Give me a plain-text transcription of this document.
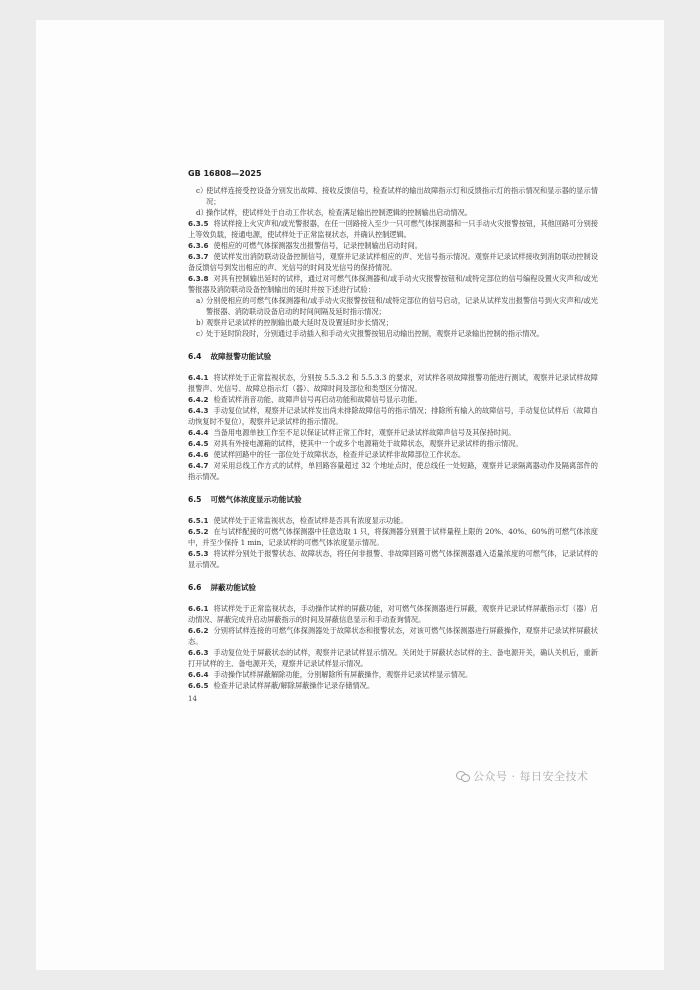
GB 16808—2025
c）
使试样连接受控设备分别发出故障、接收反馈信号，检查试样的输出故障指示灯和反馈指示灯的指示情况和显示器的显示情况；
d）
操作试样，使试样处于自动工作状态，检查满足输出控制逻辑的控制输出启动情况。
6.3.5 将试样接上火灾声和/或光警报器，在任一回路接入至少一只可燃气体探测器和一只手动火灾报警按钮，其他回路可分别接上等效负载，接通电源，使试样处于正常监视状态，并确认控制逻辑。
6.3.6 使相应的可燃气体探测器发出报警信号，记录控制输出启动时间。
6.3.7 使试样发出消防联动设备控制信号，观察并记录试样相应的声、光信号指示情况。观察并记录试样接收到消防联动控制设备反馈信号到发出相应的声、光信号的时间及光信号的保持情况。
6.3.8 对具有控制输出延时的试样，通过对可燃气体探测器和/或手动火灾报警按钮和/或特定部位的信号编程设置火灾声和/或光警报器及消防联动设备控制输出的延时并按下述进行试验：
a）
分别使相应的可燃气体探测器和/或手动火灾报警按钮和/或特定部位的信号启动，记录从试样发出报警信号到火灾声和/或光警报器、消防联动设备启动的时间间隔及延时指示情况；
b）
观察并记录试样的控制输出最大延时及设置延时步长情况；
c）
处于延时阶段时，分别通过手动插入和手动火灾报警按钮启动输出控制，观察并记录输出控制的指示情况。
6.4 故障报警功能试验
6.4.1 将试样处于正常监视状态，分别按 5.5.3.2 和 5.5.3.3 的要求，对试样各项故障报警功能进行测试，观察并记录试样故障报警声、光信号、故障总指示灯（器）、故障时间及部位和类型区分情况。
6.4.2 检查试样消音功能、故障声信号再启动功能和故障信号显示功能。
6.4.3 手动复位试样，观察并记录试样发出尚未排除故障信号的指示情况；排除所有输入的故障信号，手动复位试样后（故障自动恢复时不复位），观察并记录试样的指示情况。
6.4.4 当备用电源单独工作至不足以保证试样正常工作时，观察并记录试样故障声信号及其保持时间。
6.4.5 对具有外接电源箱的试样，使其中一个或多个电源箱处于故障状态，观察并记录试样的指示情况。
6.4.6 使试样回路中的任一部位处于故障状态，检查并记录试样非故障部位工作状态。
6.4.7 对采用总线工作方式的试样，单回路容量超过 32 个地址点时，使总线任一处短路，观察并记录隔离器动作及隔离部件的指示情况。
6.5 可燃气体浓度显示功能试验
6.5.1 使试样处于正常监视状态，检查试样是否具有浓度显示功能。
6.5.2 在与试样配接的可燃气体探测器中任意选取 1 只，将探测器分别置于试样量程上限的 20%、40%、60%的可燃气体浓度中，并至少保持 1 min，记录试样的可燃气体浓度显示情况。
6.5.3 将试样分别处于报警状态、故障状态，将任何非报警、非故障回路可燃气体探测器通入适量浓度的可燃气体，记录试样的显示情况。
6.6 屏蔽功能试验
6.6.1 将试样处于正常监视状态，手动操作试样的屏蔽功能，对可燃气体探测器进行屏蔽，观察并记录试样屏蔽指示灯（器）启动情况、屏蔽完成并启动屏蔽指示的时间及屏蔽信息显示和手动查询情况。
6.6.2 分别将试样连接的可燃气体探测器处于故障状态和报警状态，对该可燃气体探测器进行屏蔽操作，观察并记录试样屏蔽状态。
6.6.3 手动复位处于屏蔽状态的试样，观察并记录试样显示情况。关闭处于屏蔽状态试样的主、备电源开关，确认关机后，重新打开试样的主、备电源开关，观察并记录试样显示情况。
6.6.4 手动操作试样屏蔽解除功能，分别解除所有屏蔽操作，观察并记录试样显示情况。
6.6.5 检查并记录试样屏蔽/解除屏蔽操作记录存储情况。
14
公众号 · 每日安全技术
